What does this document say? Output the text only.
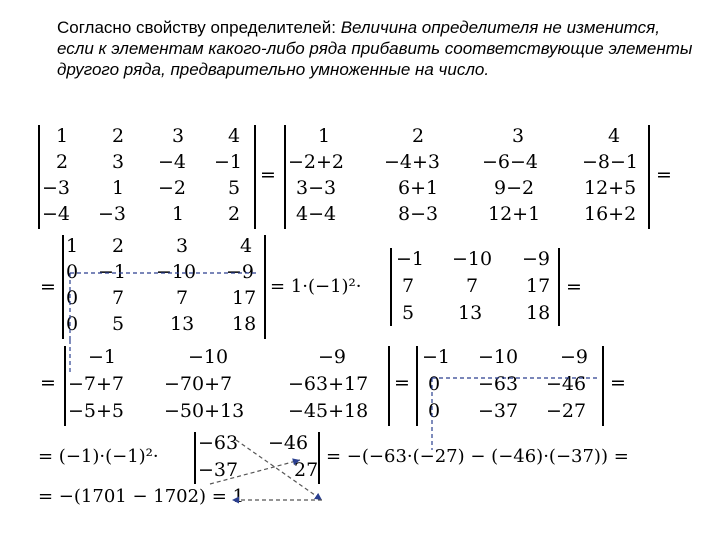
Согласно свойству определителей: Величина определителя не изменится, если к элементам какого-либо ряда прибавить соответствующие элементы другого ряда, предварительно умноженные на число.
1 2	3 4
2 3 −4 −1
−3 1 −2 5
−4 −3 1 2
=
1	2	3	4
−2+2 −4+3 −6−4 −8−1
3−3	6+1	9−2	12+5
4−4	8−3	12+1 16+2
=
=
1 2	3	4
0 −1 −10 −9
0 7	7 17
0 5 13 18
= 1·(−1)²·
−1 −10 −9
7	7	17
5 13 18
=
=
−1	−10	−9
−7+7 −70+7	−63+17
−5+5 −50+13 −45+18
=
−1 −10 −9
0 −63 −46
0 −37 −27
=
= (−1)·(−1)²·
−63 −46
−37	27
= −(−63·(−27) − (−46)·(−37)) =
= −(1701 − 1702) = 1
